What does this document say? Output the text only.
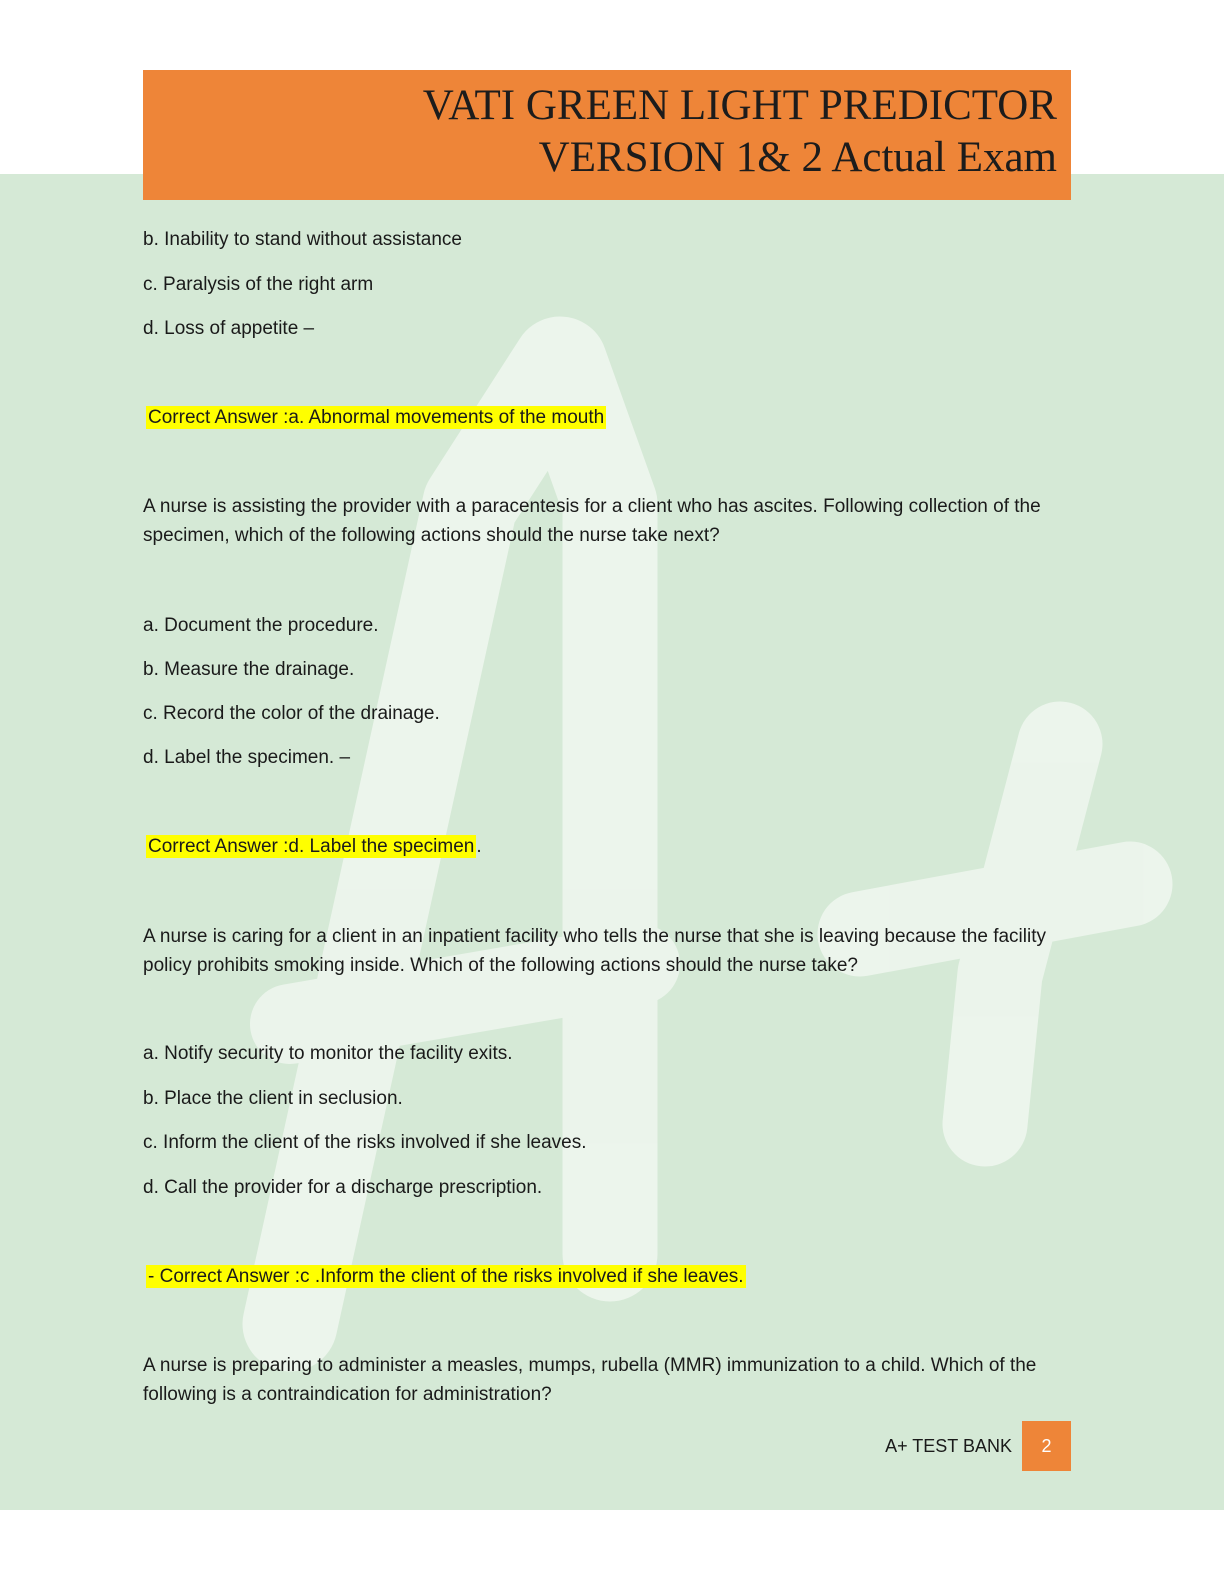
VATI GREEN LIGHT PREDICTOR
VERSION 1& 2 Actual Exam
b. Inability to stand without assistance
c. Paralysis of the right arm
d. Loss of appetite –
Correct Answer :a. Abnormal movements of the mouth
A nurse is assisting the provider with a paracentesis for a client who has ascites. Following collection of the specimen, which of the following actions should the nurse take next?
a. Document the procedure.
b. Measure the drainage.
c. Record the color of the drainage.
d. Label the specimen. –
Correct Answer :d. Label the specimen .
A nurse is caring for a client in an inpatient facility who tells the nurse that she is leaving because the facility policy prohibits smoking inside. Which of the following actions should the nurse take?
a. Notify security to monitor the facility exits.
b. Place the client in seclusion.
c. Inform the client of the risks involved if she leaves.
d. Call the provider for a discharge prescription.
- Correct Answer :c .Inform the client of the risks involved if she leaves.
A nurse is preparing to administer a measles, mumps, rubella (MMR) immunization to a child. Which of the following is a contraindication for administration?
A+ TEST BANK	2
